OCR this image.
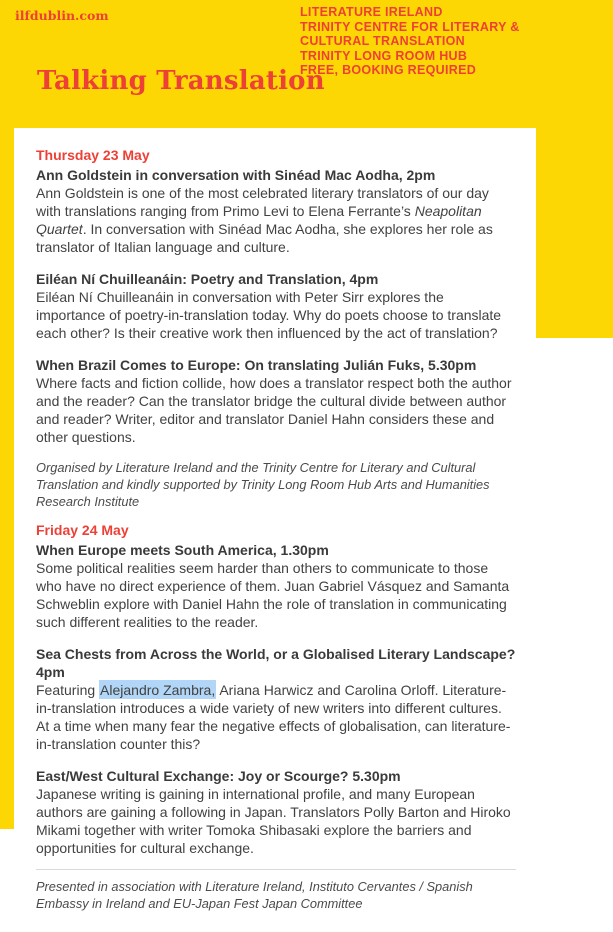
ilfdublin.com	LITERATURE IRELAND
TRINITY CENTRE FOR LITERARY &
CULTURAL TRANSLATION
TRINITY LONG ROOM HUB
FREE, BOOKING REQUIRED
Talking Translation

Thursday 23 May

Ann Goldstein in conversation with Sinéad Mac Aodha, 2pm

Ann Goldstein is one of the most celebrated literary translators of our day with translations ranging from Primo Levi to Elena Ferrante’s Neapolitan Quartet. In conversation with Sinéad Mac Aodha, she explores her role as translator of Italian language and culture.

Eiléan Ní Chuilleanáin: Poetry and Translation, 4pm

Eiléan Ní Chuilleanáin in conversation with Peter Sirr explores the importance of poetry-in-translation today. Why do poets choose to translate each other? Is their creative work then influenced by the act of translation?

When Brazil Comes to Europe: On translating Julián Fuks, 5.30pm

Where facts and fiction collide, how does a translator respect both the author and the reader? Can the translator bridge the cultural divide between author and reader? Writer, editor and translator Daniel Hahn considers these and other questions.

Organised by Literature Ireland and the Trinity Centre for Literary and Cultural Translation and kindly supported by Trinity Long Room Hub Arts and Humanities Research Institute

Friday 24 May

When Europe meets South America, 1.30pm

Some political realities seem harder than others to communicate to those who have no direct experience of them. Juan Gabriel Vásquez and Samanta Schweblin explore with Daniel Hahn the role of translation in communicating such different realities to the reader.

Sea Chests from Across the World, or a Globalised Literary Landscape? 4pm

Featuring Alejandro Zambra, Ariana Harwicz and Carolina Orloff. Literature-in-translation introduces a wide variety of new writers into different cultures. At a time when many fear the negative effects of globalisation, can literature-in-translation counter this?

East/West Cultural Exchange: Joy or Scourge? 5.30pm

Japanese writing is gaining in international profile, and many European authors are gaining a following in Japan. Translators Polly Barton and Hiroko Mikami together with writer Tomoka Shibasaki explore the barriers and opportunities for cultural exchange.

Presented in association with Literature Ireland, Instituto Cervantes / Spanish Embassy in Ireland and EU-Japan Fest Japan Committee
